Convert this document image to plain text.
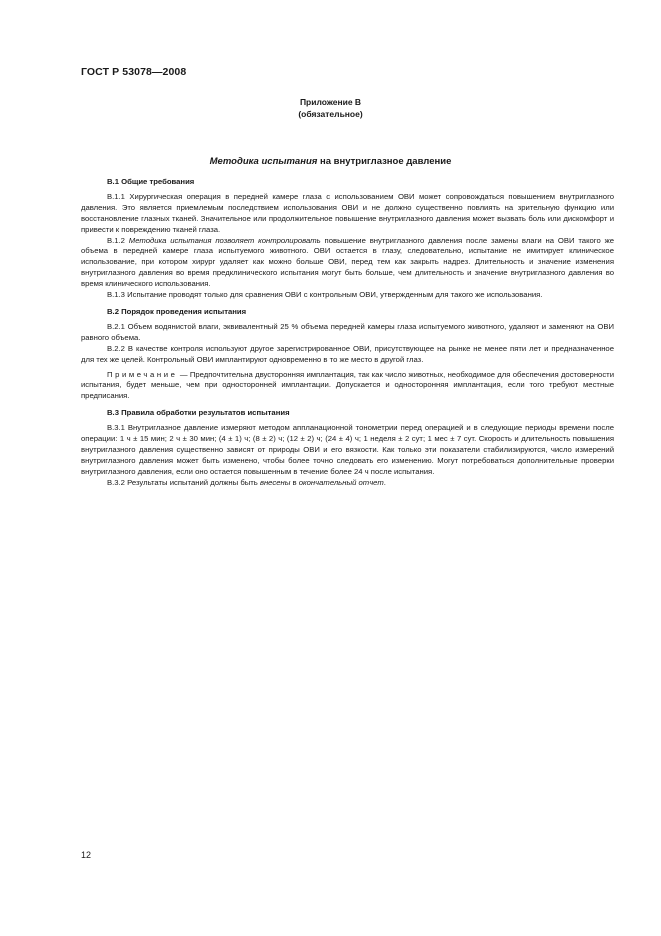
ГОСТ Р 53078—2008
Приложение В
(обязательное)
Методика испытания на внутриглазное давление
В.1 Общие требования

В.1.1 Хирургическая операция в передней камере глаза с использованием ОВИ может сопровождаться повышением внутриглазного давления. Это является приемлемым последствием использования ОВИ и не должно существенно повлиять на зрительную функцию или восстановление глазных тканей. Значительное или продолжительное повышение внутриглазного давления может вызвать боль или дискомфорт и привести к повреждению тканей глаза.

В.1.2 Методика испытания позволяет контролировать повышение внутриглазного давления после замены влаги на ОВИ такого же объема в передней камере глаза испытуемого животного. ОВИ остается в глазу, следовательно, испытание не имитирует клиническое использование, при котором хирург удаляет как можно больше ОВИ, перед тем как закрыть надрез. Длительность и значение изменения внутриглазного давления во время предклинического испытания могут быть больше, чем длительность и значение внутриглазного давления во время клинического использования.

В.1.3 Испытание проводят только для сравнения ОВИ с контрольным ОВИ, утвержденным для такого же использования.

В.2 Порядок проведения испытания

В.2.1 Объем водянистой влаги, эквивалентный 25 % объема передней камеры глаза испытуемого животного, удаляют и заменяют на ОВИ равного объема.

В.2.2 В качестве контроля используют другое зарегистрированное ОВИ, присутствующее на рынке не менее пяти лет и предназначенное для тех же целей. Контрольный ОВИ имплантируют одновременно в то же место в другой глаз.

Примечание — Предпочтительна двусторонняя имплантация, так как число животных, необходимое для обеспечения достоверности испытания, будет меньше, чем при односторонней имплантации. Допускается и односторонняя имплантация, если того требуют местные предписания.

В.3 Правила обработки результатов испытания

В.3.1 Внутриглазное давление измеряют методом аппланационной тонометрии перед операцией и в следующие периоды времени после операции: 1 ч ± 15 мин; 2 ч ± 30 мин; (4 ± 1) ч; (8 ± 2) ч; (12 ± 2) ч; (24 ± 4) ч; 1 неделя ± 2 сут; 1 мес ± 7 сут. Скорость и длительность повышения внутриглазного давления существенно зависят от природы ОВИ и его вязкости. Как только эти показатели стабилизируются, число измерений внутриглазного давления может быть изменено, чтобы более точно следовать его изменению. Могут потребоваться дополнительные проверки внутриглазного давления, если оно остается повышенным в течение более 24 ч после испытания.

В.3.2 Результаты испытаний должны быть внесены в окончательный отчет.

12
